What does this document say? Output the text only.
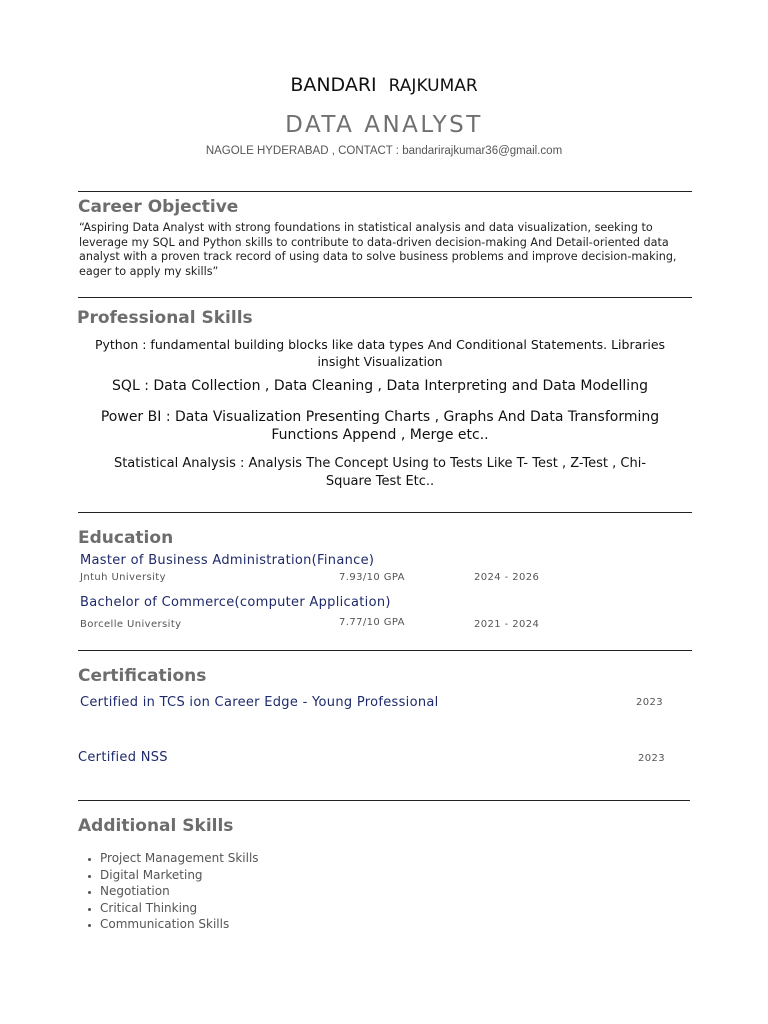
BANDARI RAJKUMAR
DATA ANALYST
NAGOLE HYDERABAD , CONTACT : bandarirajkumar36@gmail.com
Career Objective
“Aspiring Data Analyst with strong foundations in statistical analysis and data visualization, seeking to
leverage my SQL and Python skills to contribute to data-driven decision-making And Detail-oriented data
analyst with a proven track record of using data to solve business problems and improve decision-making,
eager to apply my skills”
Professional Skills
Python : fundamental building blocks like data types And Conditional Statements. Libraries
insight Visualization
SQL : Data Collection , Data Cleaning , Data Interpreting and Data Modelling
Power BI : Data Visualization Presenting Charts , Graphs And Data Transforming
Functions Append , Merge etc..
Statistical Analysis : Analysis The Concept Using to Tests Like T- Test , Z-Test , Chi-
Square Test Etc..
Education
Master of Business Administration(Finance)
Jntuh University	7.93/10 GPA	2024 - 2026
Bachelor of Commerce(computer Application)
Borcelle University	7.77/10 GPA	2021 - 2024
Certifications
Certified in TCS ion Career Edge - Young Professional	2023
Certified NSS	2023
Additional Skills
• Project Management Skills
• Digital Marketing
• Negotiation
• Critical Thinking
• Communication Skills
